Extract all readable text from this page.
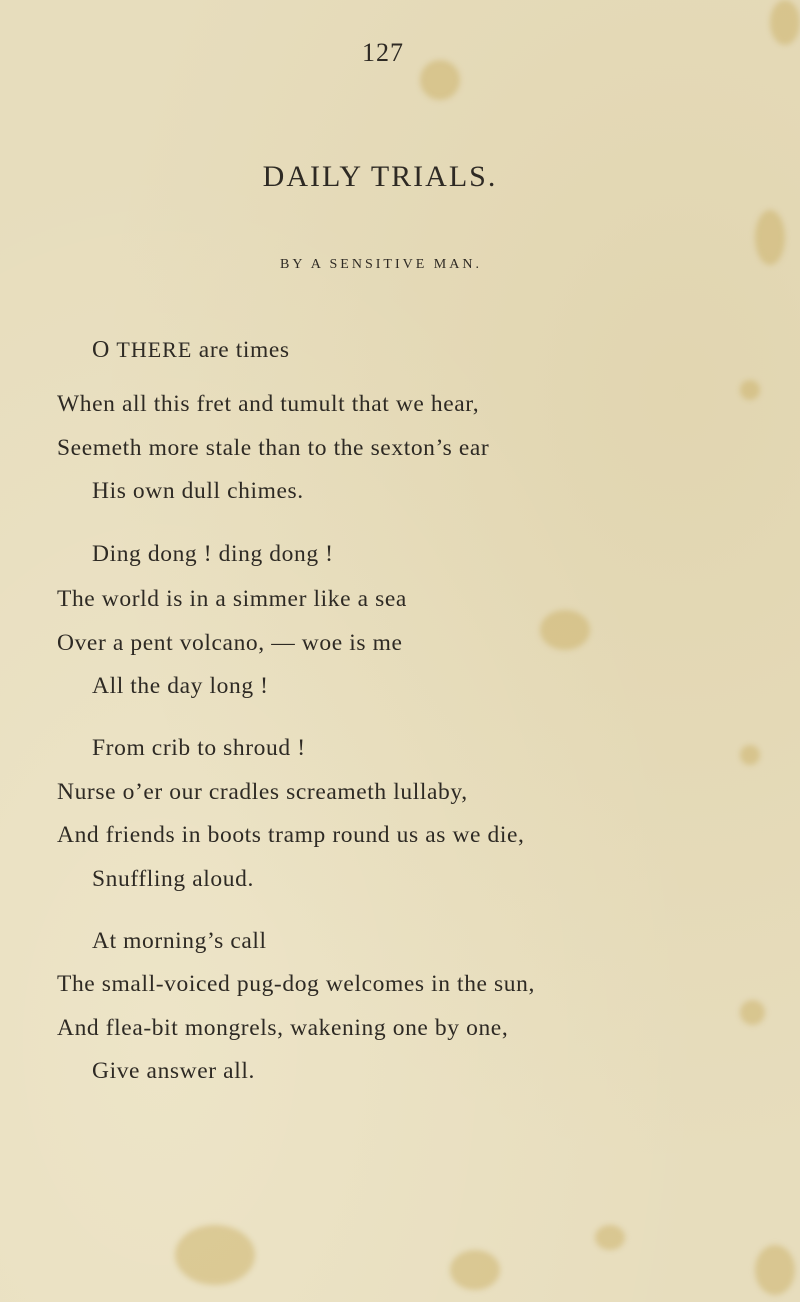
127
DAILY TRIALS.
BY A SENSITIVE MAN.
O THERE are times
When all this fret and tumult that we hear,
Seemeth more stale than to the sexton’s ear
His own dull chimes.
Ding dong ! ding dong !
The world is in a simmer like a sea
Over a pent volcano, — woe is me
All the day long !
From crib to shroud !
Nurse o’er our cradles screameth lullaby,
And friends in boots tramp round us as we die,
Snuffling aloud.
At morning’s call
The small-voiced pug-dog welcomes in the sun,
And flea-bit mongrels, wakening one by one,
Give answer all.
